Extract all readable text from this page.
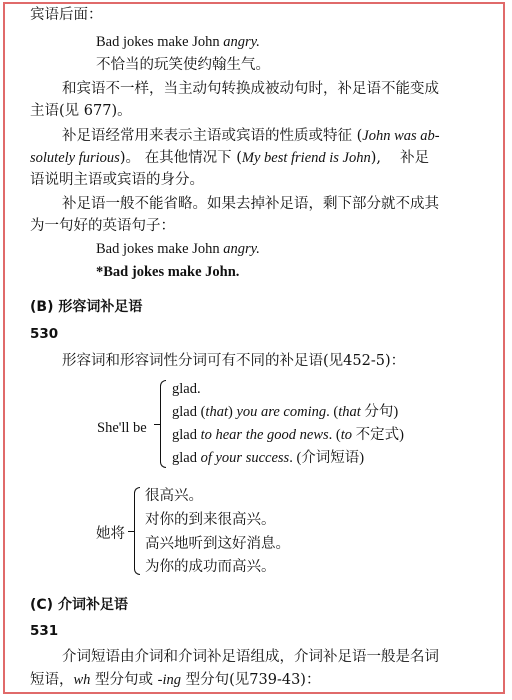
宾语后面：
Bad jokes make John angry.
不恰当的玩笑使约翰生气。
和宾语不一样，当主动句转换成被动句时，补足语不能变成
主语(见 677)。
补足语经常用来表示主语或宾语的性质或特征 (John was ab-
solutely furious)。 在其他情况下 (My best friend is John),　 补足
语说明主语或宾语的身分。
补足语一般不能省略。如果去掉补足语，剩下部分就不成其
为一句好的英语句子：
Bad jokes make John angry.
*Bad jokes make John.
(B) 形容词补足语
530
形容词和形容词性分词可有不同的补足语(见452-5)：
She'll be
glad.
glad (that) you are coming. (that 分句)
glad to hear the good news. (to 不定式)
glad of your success. (介词短语)
她将
很高兴。
对你的到来很高兴。
高兴地听到这好消息。
为你的成功而高兴。
(C) 介词补足语
531
介词短语由介词和介词补足语组成，介词补足语一般是名词
短语，wh 型分句或 -ing 型分句(见739-43)：
